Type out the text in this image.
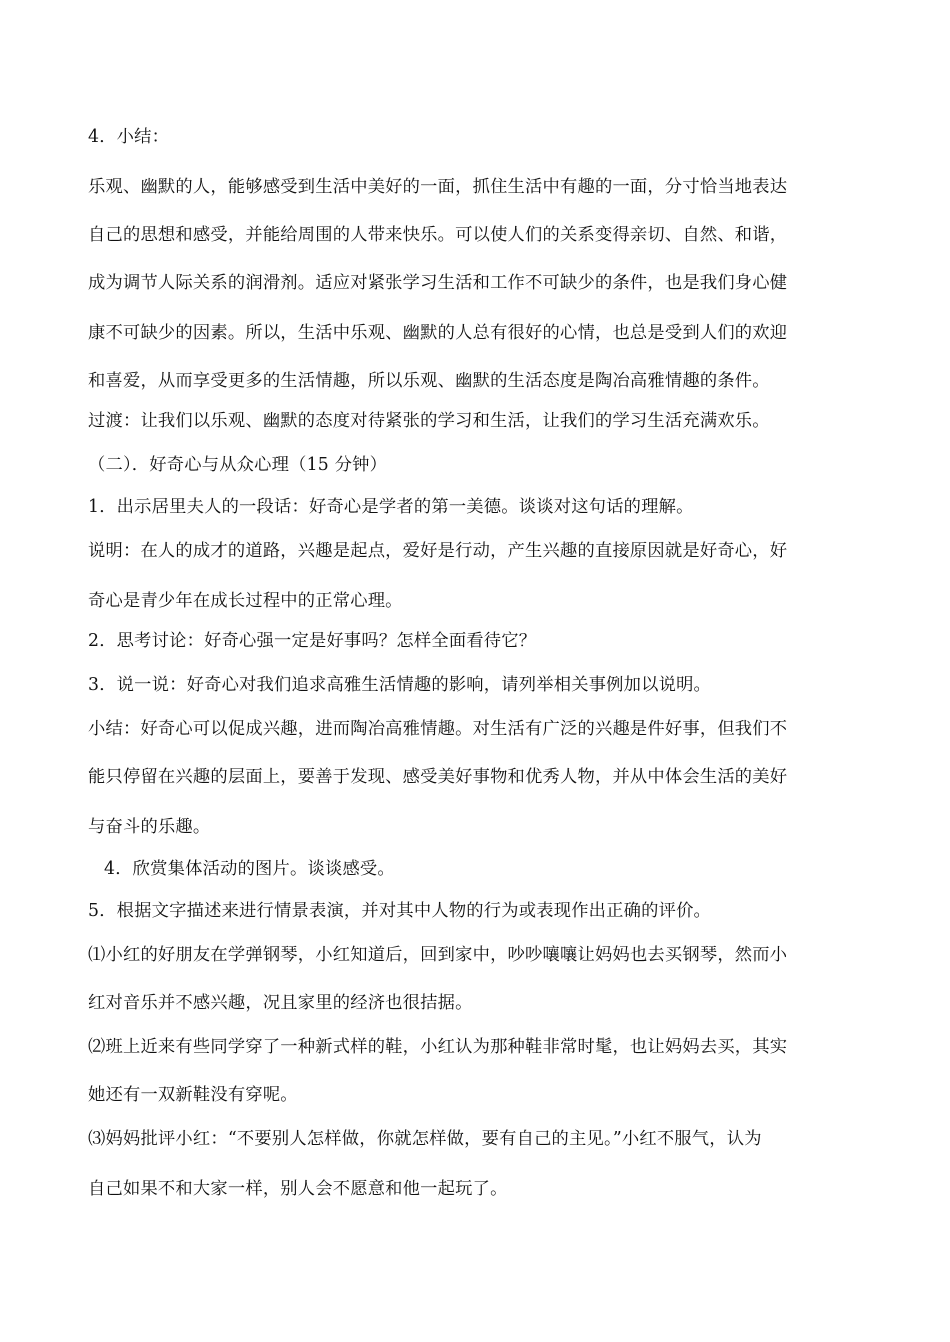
4．小结：
乐观、幽默的人，能够感受到生活中美好的一面，抓住生活中有趣的一面，分寸恰当地表达
自己的思想和感受，并能给周围的人带来快乐。可以使人们的关系变得亲切、自然、和谐，
成为调节人际关系的润滑剂。适应对紧张学习生活和工作不可缺少的条件，也是我们身心健
康不可缺少的因素。所以，生活中乐观、幽默的人总有很好的心情，也总是受到人们的欢迎
和喜爱，从而享受更多的生活情趣，所以乐观、幽默的生活态度是陶冶高雅情趣的条件。
过渡：让我们以乐观、幽默的态度对待紧张的学习和生活，让我们的学习生活充满欢乐。
（二）．好奇心与从众心理（15 分钟）
1．出示居里夫人的一段话：好奇心是学者的第一美德。谈谈对这句话的理解。
说明：在人的成才的道路，兴趣是起点，爱好是行动，产生兴趣的直接原因就是好奇心，好
奇心是青少年在成长过程中的正常心理。
2．思考讨论：好奇心强一定是好事吗？怎样全面看待它？
3．说一说：好奇心对我们追求高雅生活情趣的影响，请列举相关事例加以说明。
小结：好奇心可以促成兴趣，进而陶冶高雅情趣。对生活有广泛的兴趣是件好事，但我们不
能只停留在兴趣的层面上，要善于发现、感受美好事物和优秀人物，并从中体会生活的美好
与奋斗的乐趣。
4．欣赏集体活动的图片。谈谈感受。
5．根据文字描述来进行情景表演，并对其中人物的行为或表现作出正确的评价。
⑴小红的好朋友在学弹钢琴，小红知道后，回到家中，吵吵嚷嚷让妈妈也去买钢琴，然而小
红对音乐并不感兴趣，况且家里的经济也很拮据。
⑵班上近来有些同学穿了一种新式样的鞋，小红认为那种鞋非常时髦，也让妈妈去买，其实
她还有一双新鞋没有穿呢。
⑶妈妈批评小红：“不要别人怎样做，你就怎样做，要有自己的主见。”小红不服气，认为
自己如果不和大家一样，别人会不愿意和他一起玩了。
